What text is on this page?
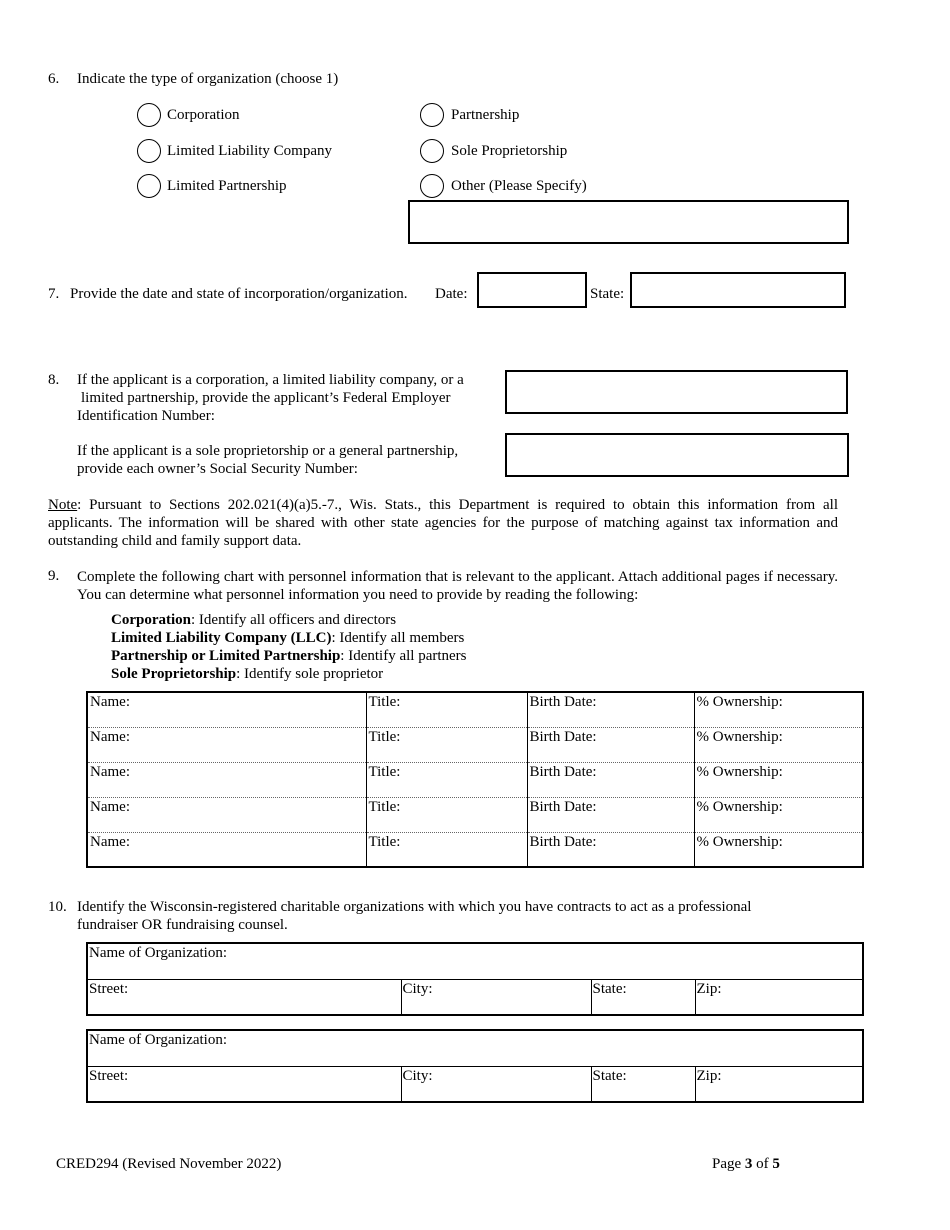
6. Indicate the type of organization (choose 1)
Corporation	Partnership
Limited Liability Company	Sole Proprietorship
Limited Partnership	Other (Please Specify)
7. Provide the date and state of incorporation/organization. Date:	State:
8. If the applicant is a corporation, a limited liability company, or a
limited partnership, provide the applicant’s Federal Employer
Identification Number:
If the applicant is a sole proprietorship or a general partnership,
provide each owner’s Social Security Number:
Note: Pursuant to Sections 202.021(4)(a)5.-7., Wis. Stats., this Department is required to obtain this information from all applicants. The information will be shared with other state agencies for the purpose of matching against tax information and outstanding child and family support data.
9. Complete the following chart with personnel information that is relevant to the applicant. Attach additional pages if necessary. You can determine what personnel information you need to provide by reading the following:
Corporation: Identify all officers and directors
Limited Liability Company (LLC): Identify all members
Partnership or Limited Partnership: Identify all partners
Sole Proprietorship: Identify sole proprietor
Name:	Title:	Birth Date:	% Ownership:
Name:	Title:	Birth Date:	% Ownership:
Name:	Title:	Birth Date:	% Ownership:
Name:	Title:	Birth Date:	% Ownership:
Name:	Title:	Birth Date:	% Ownership:
10. Identify the Wisconsin-registered charitable organizations with which you have contracts to act as a professional
fundraiser OR fundraising counsel.
Name of Organization:
Street:	City:	State:	Zip:
Name of Organization:
Street:	City:	State:	Zip:
CRED294 (Revised November 2022)	Page 3 of 5
